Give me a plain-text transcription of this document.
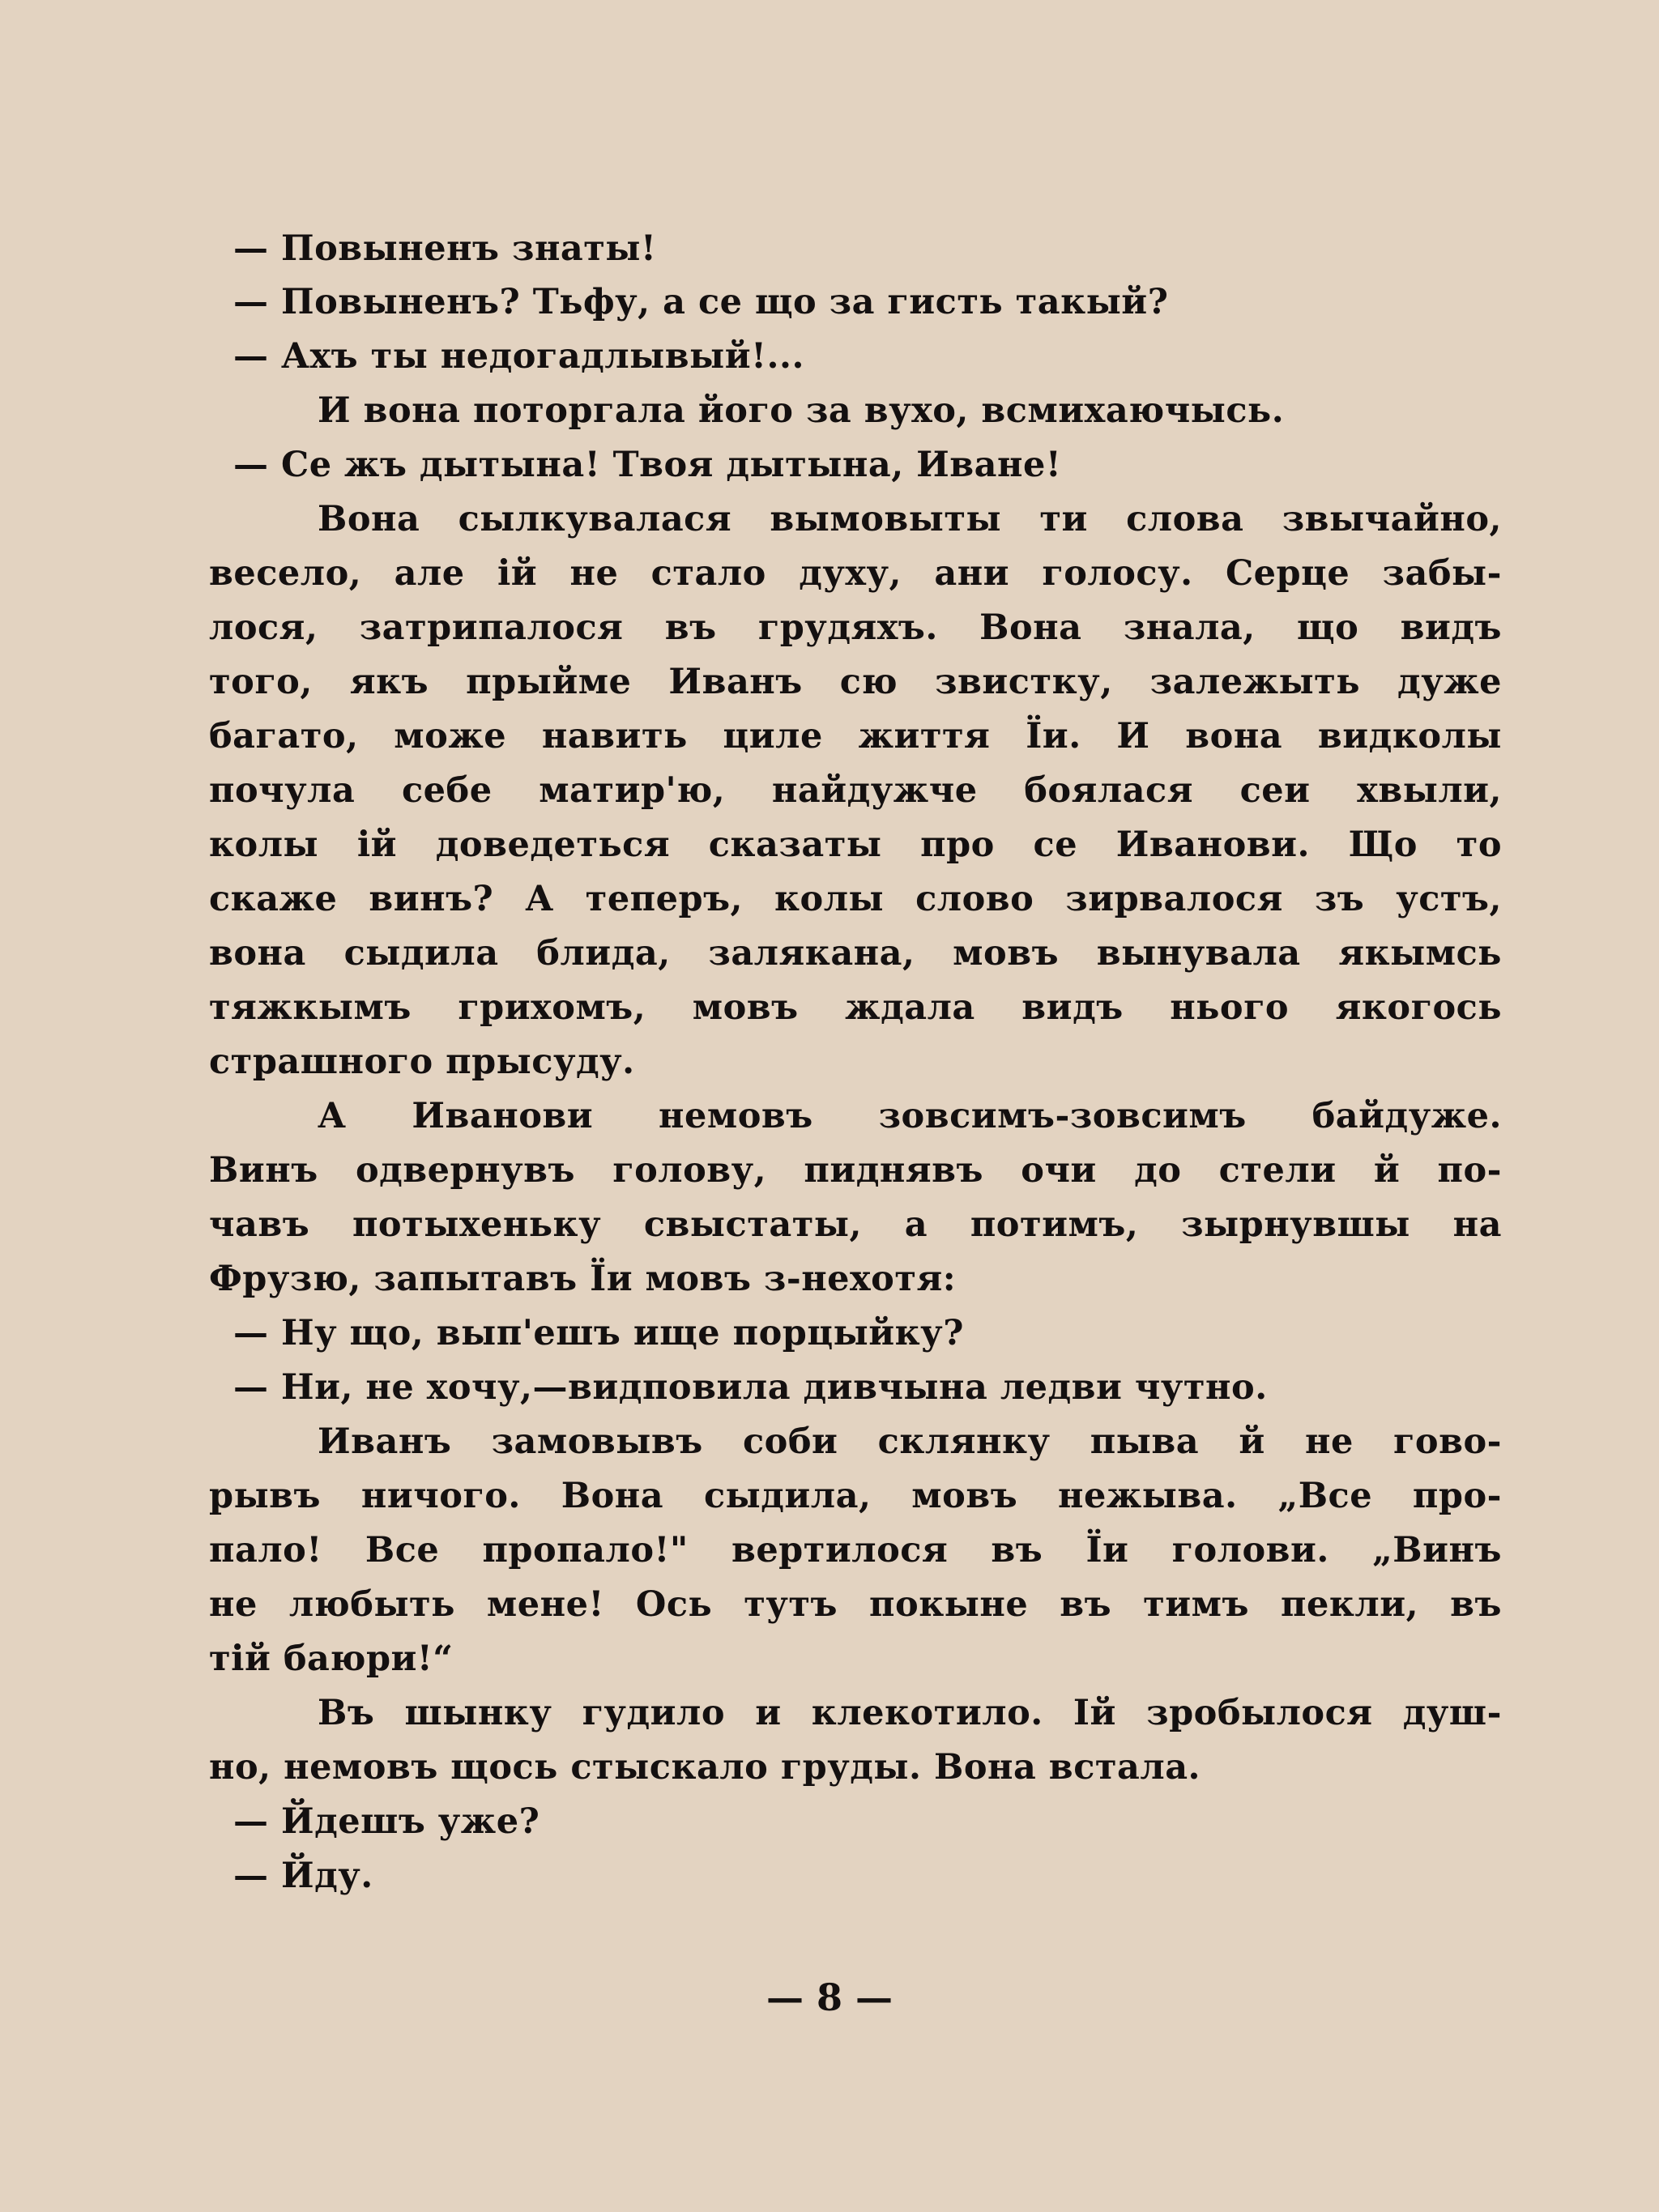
— Повыненъ знаты!
— Повыненъ? Тьфу, а се що за гисть такый?
— Ахъ ты недогадлывый!...
И вона поторгала його за вухо, всмихаючысь.
— Се жъ дытына! Твоя дытына, Иване!
Вона сылкувалася вымовыты ти слова звычайно,
весело, але ій не стало духу, ани голосу. Серце забы-
лося, затрипалося въ грудяхъ. Вона знала, що видъ
того, якъ прыйме Иванъ сю звистку, залежыть дуже
багато, може навить циле життя Ïи. И вона видколы
почула себе матир'ю, найдужче боялася сеи хвыли,
колы ій доведеться сказаты про се Иванови. Що то
скаже винъ? А теперъ, колы слово зирвалося зъ устъ,
вона сыдила блида, залякана, мовъ вынувала якымсь
тяжкымъ грихомъ, мовъ ждала видъ нього якогось
страшного прысуду.
А Иванови немовъ зовсимъ-зовсимъ байдуже.
Винъ одвернувъ голову, пиднявъ очи до стели й по-
чавъ потыхеньку свыстаты, а потимъ, зырнувшы на
Фрузю, запытавъ Ïи мовъ з-нехотя:
— Ну що, вып'ешъ ище порцыйку?
— Ни, не хочу,—видповила дивчына ледви чутно.
Иванъ замовывъ соби склянку пыва й не гово-
рывъ ничого. Вона сыдила, мовъ нежыва. „Все про-
пало! Все пропало!" вертилося въ Ïи голови. „Винъ
не любыть мене! Ось тутъ покыне въ тимъ пекли, въ
тій баюри!“
Въ шынку гудило и клекотило. Ій зробылося душ-
но, немовъ щось стыскало груды. Вона встала.
— Йдешъ уже?
— Йду.
— 8 —
